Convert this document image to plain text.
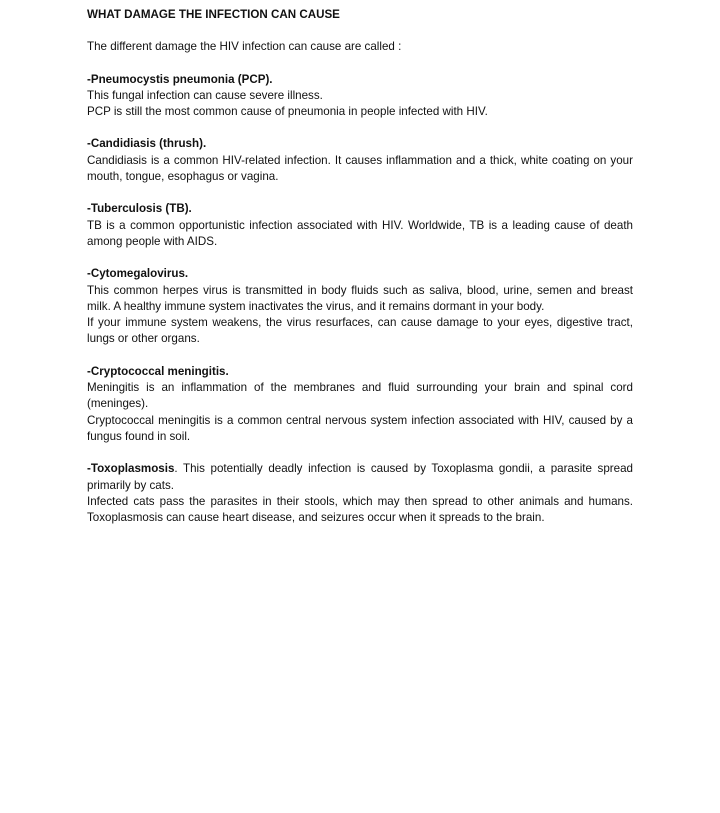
WHAT DAMAGE THE INFECTION CAN CAUSE
The different damage the HIV infection can cause are called :
-Pneumocystis pneumonia (PCP).

This fungal infection can cause severe illness.

PCP is still the most common cause of pneumonia in people infected with HIV.

-Candidiasis (thrush).

Candidiasis is a common HIV-related infection. It causes inflammation and a thick, white coating on your mouth, tongue, esophagus or vagina.

-Tuberculosis (TB).

TB is a common opportunistic infection associated with HIV. Worldwide, TB is a leading cause of death among people with AIDS.

-Cytomegalovirus.

This common herpes virus is transmitted in body fluids such as saliva, blood, urine, semen and breast milk. A healthy immune system inactivates the virus, and it remains dormant in your body.

If your immune system weakens, the virus resurfaces, can cause damage to your eyes, digestive tract, lungs or other organs.

-Cryptococcal meningitis.

Meningitis is an inflammation of the membranes and fluid surrounding your brain and spinal cord (meninges).

Cryptococcal meningitis is a common central nervous system infection associated with HIV, caused by a fungus found in soil.

-Toxoplasmosis. This potentially deadly infection is caused by Toxoplasma gondii, a parasite spread primarily by cats.

Infected cats pass the parasites in their stools, which may then spread to other animals and humans. Toxoplasmosis can cause heart disease, and seizures occur when it spreads to the brain.
